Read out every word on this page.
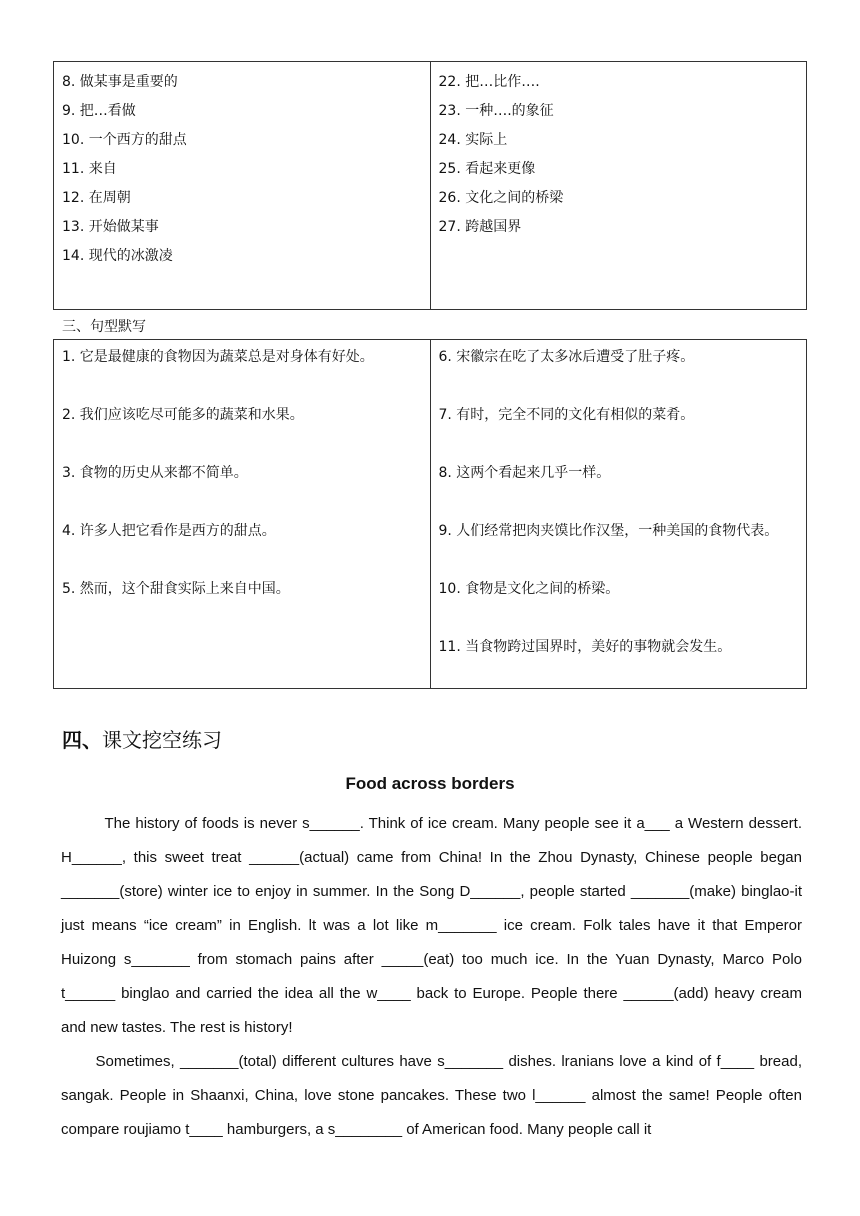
8. 做某事是重要的
9. 把…看做
10. 一个西方的甜点
11. 来自
12. 在周朝
13. 开始做某事
14. 现代的冰激凌

22. 把…比作….
23. 一种….的象征
24. 实际上
25. 看起来更像
26. 文化之间的桥梁
27. 跨越国界
三、句型默写
1. 它是最健康的食物因为蔬菜总是对身体有好处。
2. 我们应该吃尽可能多的蔬菜和水果。
3. 食物的历史从来都不简单。
4. 许多人把它看作是西方的甜点。
5. 然而，这个甜食实际上来自中国。

6. 宋徽宗在吃了太多冰后遭受了肚子疼。
7. 有时，完全不同的文化有相似的菜肴。
8. 这两个看起来几乎一样。
9. 人们经常把肉夹馍比作汉堡，一种美国的食物代表。
10. 食物是文化之间的桥梁。
11. 当食物跨过国界时，美好的事物就会发生。
四、课文挖空练习
Food across borders

The history of foods is never s______. Think of ice cream. Many people see it a___ a Western dessert. H______, this sweet treat ______(actual) came from China! In the Zhou Dynasty, Chinese people began _______(store) winter ice to enjoy in summer. In the Song D______, people started _______(make) binglao-it just means “ice cream” in English. lt was a lot like m_______ ice cream. Folk tales have it that Emperor Huizong s_______ from stomach pains after _____(eat) too much ice. In the Yuan Dynasty, Marco Polo t______ binglao and carried the idea all the w____ back to Europe. People there ______(add) heavy cream and new tastes. The rest is history!

Sometimes, _______(total) different cultures have s_______ dishes. lranians love a kind of f____ bread, sangak. People in Shaanxi, China, love stone pancakes. These two l______ almost the same! People often compare roujiamo t____ hamburgers, a s________ of American food. Many people call it
